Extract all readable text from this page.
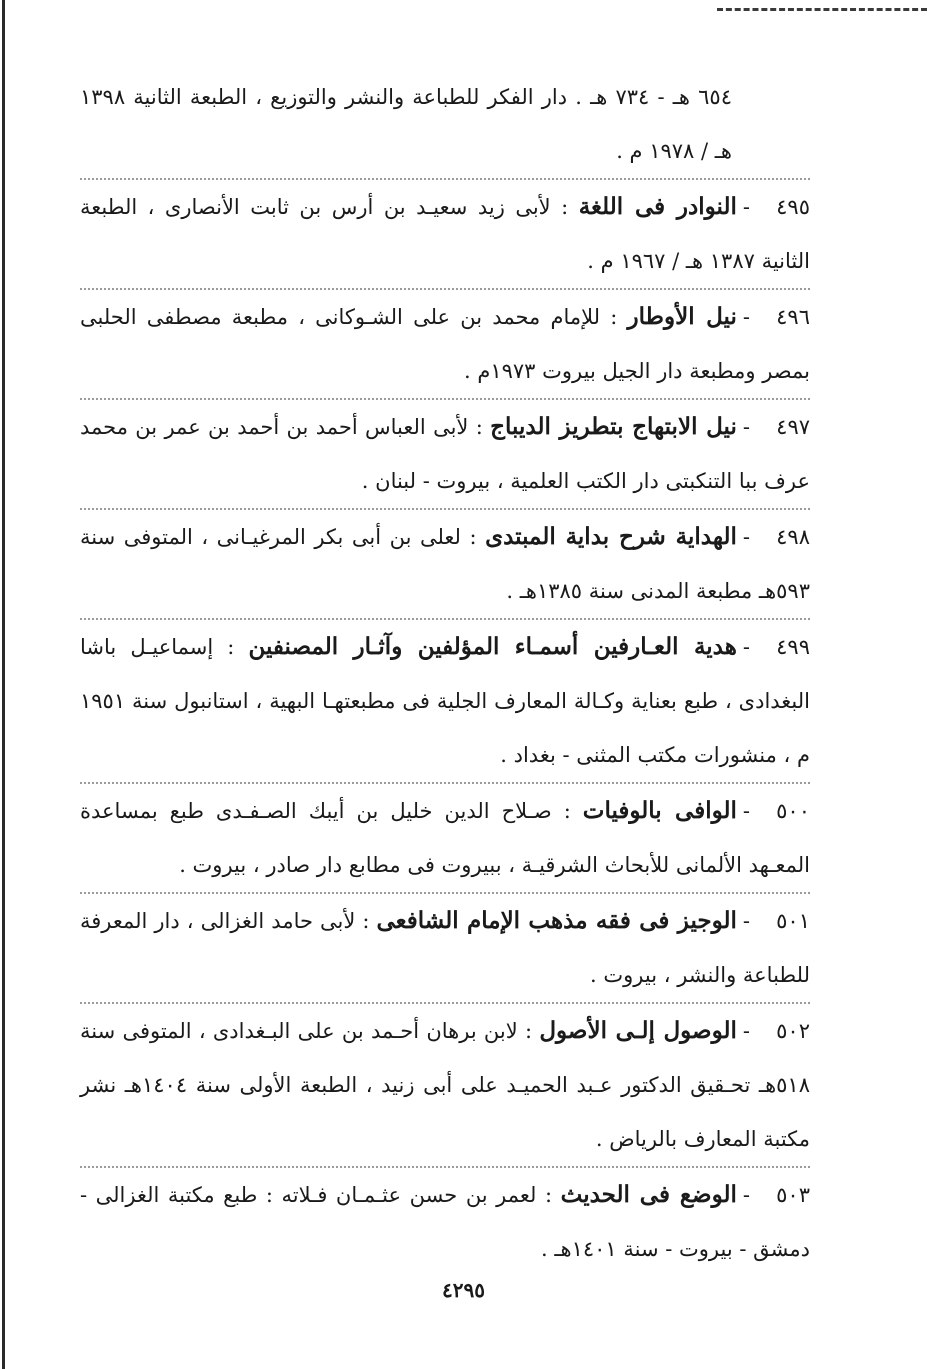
٦٥٤ هـ - ٧٣٤ هـ . دار الفكر للطباعة والنشر والتوزيع ، الطبعة الثانية ١٣٩٨ هـ / ١٩٧٨ م .

٤٩٥-النوادر فى اللغة : لأبى زيد سعيـد بن أرس بن ثابت الأنصارى ، الطبعة الثانية ١٣٨٧ هـ / ١٩٦٧ م .

٤٩٦-نيل الأوطار : للإمام محمد بن على الشـوكانى ، مطبعة مصطفى الحلبى بمصر ومطبعة دار الجيل بيروت ١٩٧٣م .

٤٩٧-نيل الابتهاج بتطريز الديباج : لأبى العباس أحمد بن أحمد بن عمر بن محمد عرف ببا التنكبتى دار الكتب العلمية ، بيروت - لبنان .

٤٩٨-الهداية شرح بداية المبتدى : لعلى بن أبى بكر المرغيـانى ، المتوفى سنة ٥٩٣هـ مطبعة المدنى سنة ١٣٨٥هـ .

٤٩٩-هدية العـارفين أسمـاء المؤلفين وآثـار المصنفين : إسماعيـل باشا البغدادى ، طبع بعناية وكـالة المعارف الجلية فى مطبعتهـا البهية ، استانبول سنة ١٩٥١ م ، منشورات مكتب المثنى - بغداد .

٥٠٠-الوافى بالوفيات : صـلاح الدين خليل بن أيبك الصـفـدى طبع بمساعدة المعـهد الألمانى للأبحاث الشرقيـة ، ببيروت فى مطابع دار صادر ، بيروت .

٥٠١-الوجيز فى فقه مذهب الإمام الشافعى : لأبى حامد الغزالى ، دار المعرفة للطباعة والنشر ، بيروت .

٥٠٢-الوصول إلـى الأصول : لابن برهان أحـمد بن على البـغدادى ، المتوفى سنة ٥١٨هـ تحـقيق الدكتور عـبد الحميـد على أبى زنيد ، الطبعة الأولى سنة ١٤٠٤هـ نشر مكتبة المعارف بالرياض .

٥٠٣-الوضع فى الحديث : لعمر بن حسن عثـمـان فـلاته : طبع مكتبة الغزالى - دمشق - بيروت - سنة ١٤٠١هـ .

٤٢٩٥
